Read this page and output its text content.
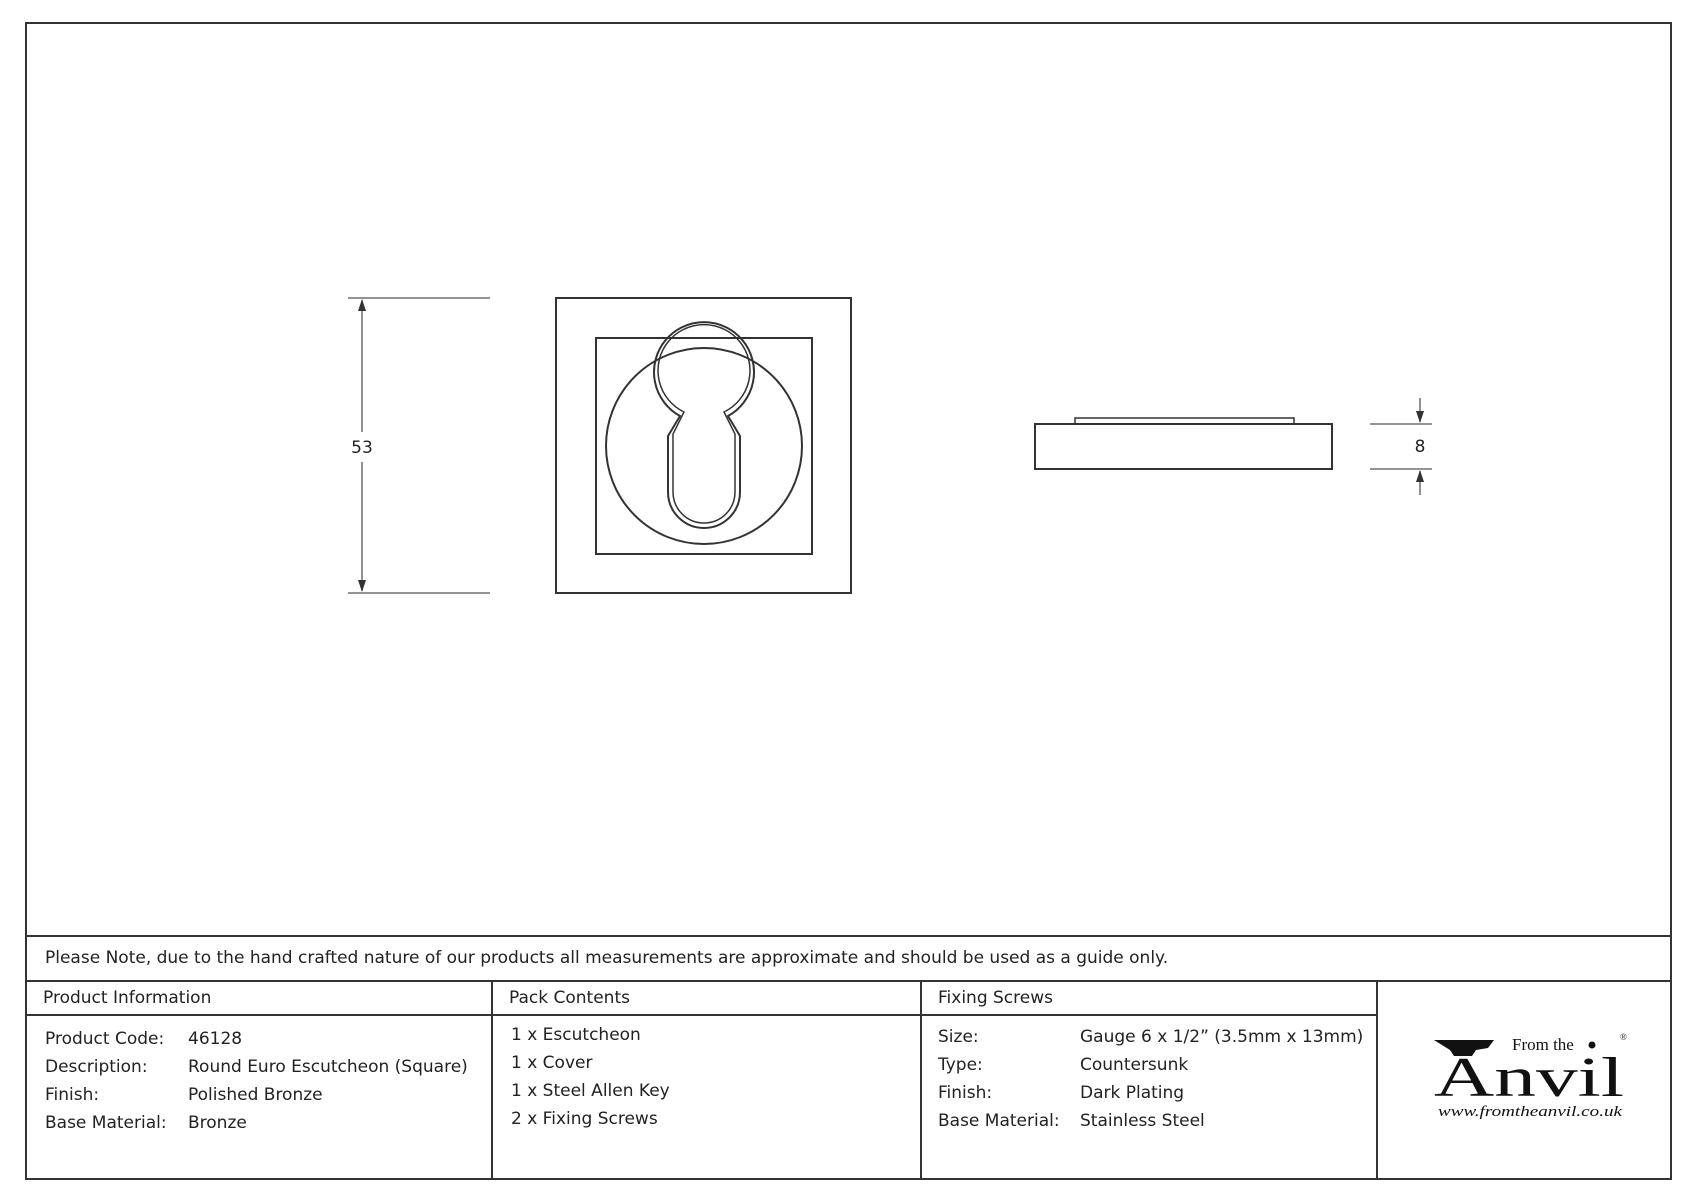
53	8
Please Note, due to the hand crafted nature of our products all measurements are approximate and should be used as a guide only.
Product Information
Product Code: 46128
Description: Round Euro Escutcheon (Square)
Finish:	Polished Bronze
Base Material: Bronze
Pack Contents
1 x Escutcheon
1 x Cover
1 x Steel Allen Key
2 x Fixing Screws
Fixing Screws
Size:	Gauge 6 x 1/2” (3.5mm x 13mm)
Type:	Countersunk
Finish:	Dark Plating
Base Material: Stainless Steel
From the	®
Anvil
www.fromtheanvil.co.uk
